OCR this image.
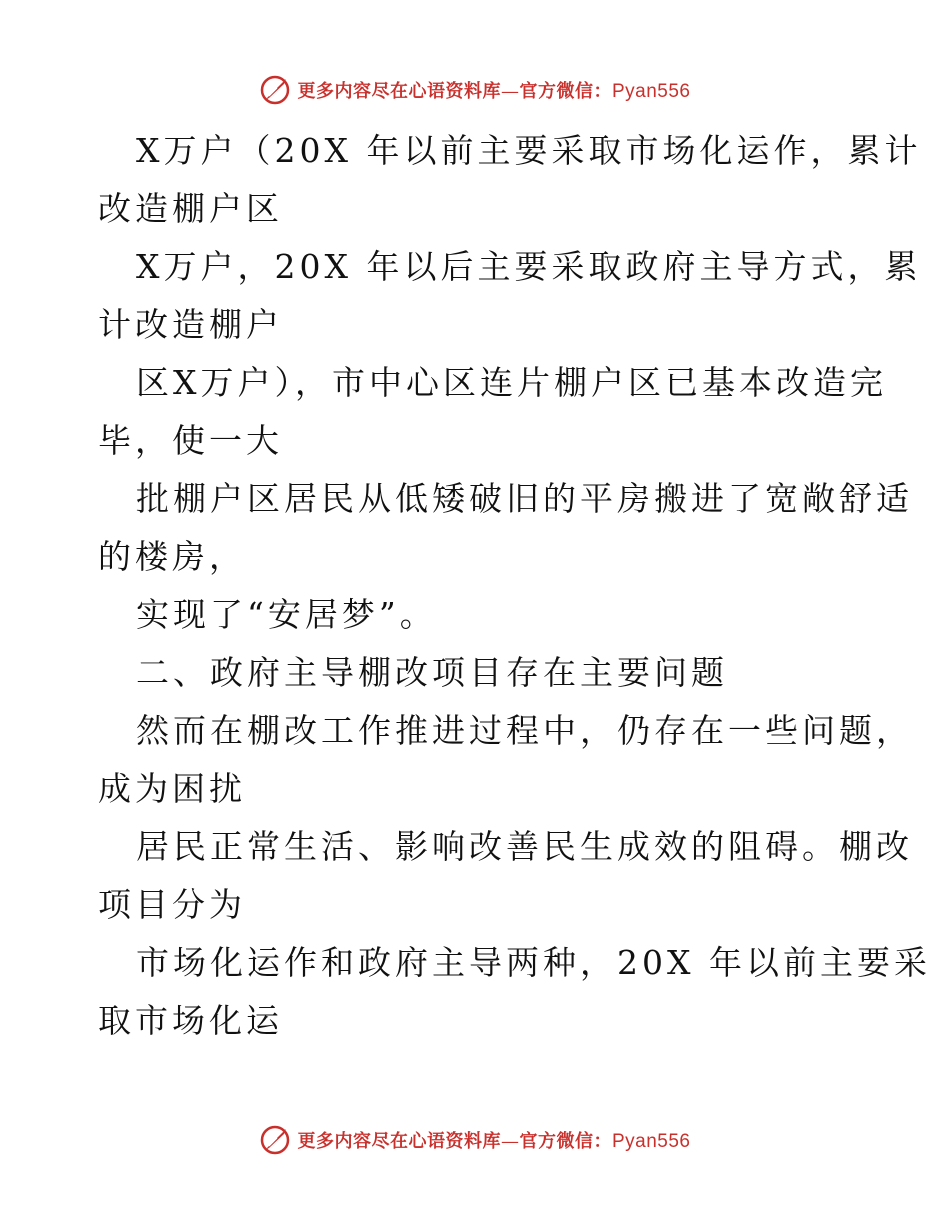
更多内容尽在心语资料库—官方微信：Pyan556
X万户（20X 年以前主要采取市场化运作，累计
改造棚户区
X万户，20X 年以后主要采取政府主导方式，累
计改造棚户
区X万户），市中心区连片棚户区已基本改造完
毕，使一大
批棚户区居民从低矮破旧的平房搬进了宽敞舒适
的楼房，
实现了“安居梦”。
二、政府主导棚改项目存在主要问题
然而在棚改工作推进过程中，仍存在一些问题，
成为困扰
居民正常生活、影响改善民生成效的阻碍。棚改
项目分为
市场化运作和政府主导两种，20X 年以前主要采
取市场化运
更多内容尽在心语资料库—官方微信：Pyan556
